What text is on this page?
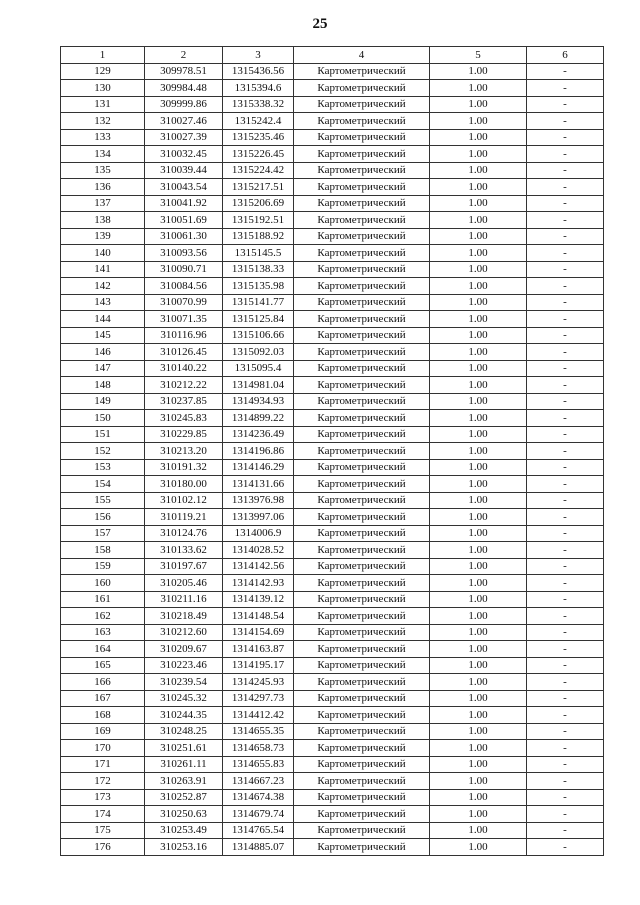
25
1	2	3	4	5	6
129	309978.51	1315436.56	Картометрический	1.00	-
130	309984.48	1315394.6	Картометрический	1.00	-
131	309999.86	1315338.32	Картометрический	1.00	-
132	310027.46	1315242.4	Картометрический	1.00	-
133	310027.39	1315235.46	Картометрический	1.00	-
134	310032.45	1315226.45	Картометрический	1.00	-
135	310039.44	1315224.42	Картометрический	1.00	-
136	310043.54	1315217.51	Картометрический	1.00	-
137	310041.92	1315206.69	Картометрический	1.00	-
138	310051.69	1315192.51	Картометрический	1.00	-
139	310061.30	1315188.92	Картометрический	1.00	-
140	310093.56	1315145.5	Картометрический	1.00	-
141	310090.71	1315138.33	Картометрический	1.00	-
142	310084.56	1315135.98	Картометрический	1.00	-
143	310070.99	1315141.77	Картометрический	1.00	-
144	310071.35	1315125.84	Картометрический	1.00	-
145	310116.96	1315106.66	Картометрический	1.00	-
146	310126.45	1315092.03	Картометрический	1.00	-
147	310140.22	1315095.4	Картометрический	1.00	-
148	310212.22	1314981.04	Картометрический	1.00	-
149	310237.85	1314934.93	Картометрический	1.00	-
150	310245.83	1314899.22	Картометрический	1.00	-
151	310229.85	1314236.49	Картометрический	1.00	-
152	310213.20	1314196.86	Картометрический	1.00	-
153	310191.32	1314146.29	Картометрический	1.00	-
154	310180.00	1314131.66	Картометрический	1.00	-
155	310102.12	1313976.98	Картометрический	1.00	-
156	310119.21	1313997.06	Картометрический	1.00	-
157	310124.76	1314006.9	Картометрический	1.00	-
158	310133.62	1314028.52	Картометрический	1.00	-
159	310197.67	1314142.56	Картометрический	1.00	-
160	310205.46	1314142.93	Картометрический	1.00	-
161	310211.16	1314139.12	Картометрический	1.00	-
162	310218.49	1314148.54	Картометрический	1.00	-
163	310212.60	1314154.69	Картометрический	1.00	-
164	310209.67	1314163.87	Картометрический	1.00	-
165	310223.46	1314195.17	Картометрический	1.00	-
166	310239.54	1314245.93	Картометрический	1.00	-
167	310245.32	1314297.73	Картометрический	1.00	-
168	310244.35	1314412.42	Картометрический	1.00	-
169	310248.25	1314655.35	Картометрический	1.00	-
170	310251.61	1314658.73	Картометрический	1.00	-
171	310261.11	1314655.83	Картометрический	1.00	-
172	310263.91	1314667.23	Картометрический	1.00	-
173	310252.87	1314674.38	Картометрический	1.00	-
174	310250.63	1314679.74	Картометрический	1.00	-
175	310253.49	1314765.54	Картометрический	1.00	-
176	310253.16	1314885.07	Картометрический	1.00	-
